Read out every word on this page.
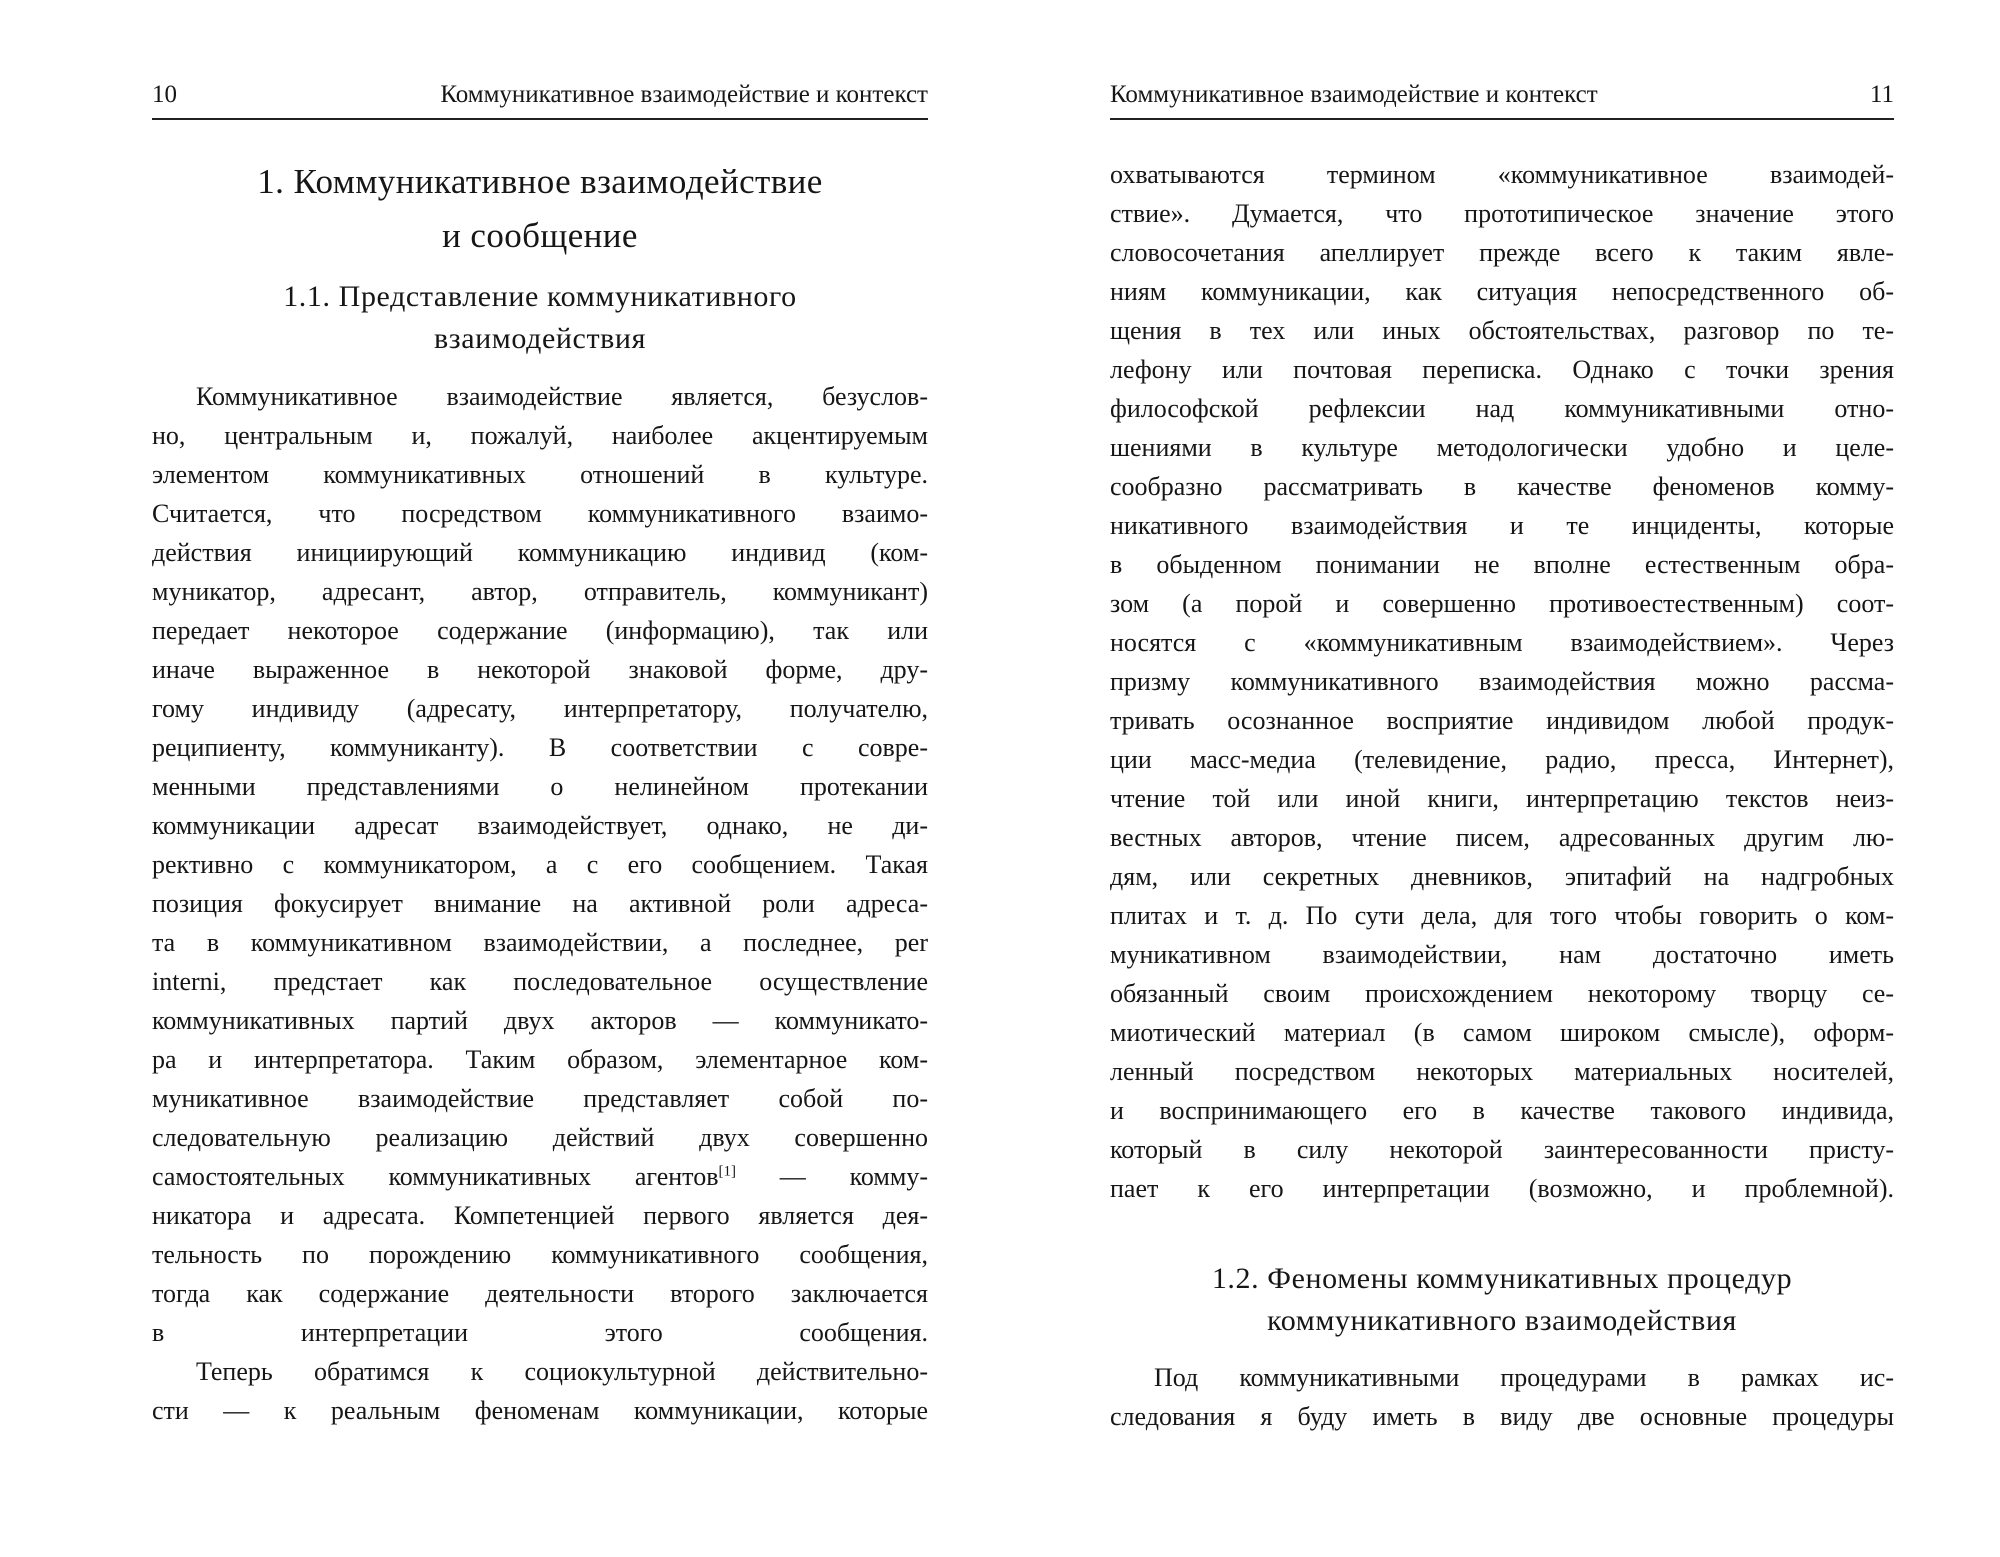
10	Коммуникативное взаимодействие и контекст
1. Коммуникативное взаимодействие
и сообщение
1.1. Представление коммуникативного
взаимодействия

Коммуникативное взаимодействие является, безуслов-
но, центральным и, пожалуй, наиболее акцентируемым
элементом коммуникативных отношений в культуре.
Считается, что посредством коммуникативного взаимо-
действия инициирующий коммуникацию индивид (ком-
муникатор, адресант, автор, отправитель, коммуникант)
передает некоторое содержание (информацию), так или
иначе выраженное в некоторой знаковой форме, дру-
гому индивиду (адресату, интерпретатору, получателю,
реципиенту, коммуниканту). В соответствии с совре-
менными представлениями о нелинейном протекании
коммуникации адресат взаимодействует, однако, не ди-
рективно с коммуникатором, а с его сообщением. Такая
позиция фокусирует внимание на активной роли адреса-
та в коммуникативном взаимодействии, а последнее, per
interni, предстает как последовательное осуществление
коммуникативных партий двух акторов — коммуникато-
ра и интерпретатора. Таким образом, элементарное ком-
муникативное взаимодействие представляет собой по-
следовательную реализацию действий двух совершенно
самостоятельных коммуникативных агентов[1] — комму-
никатора и адресата. Компетенцией первого является дея-
тельность по порождению коммуникативного сообщения,
тогда как содержание деятельности второго заключается
в интерпретации этого сообщения.

Теперь обратимся к социокультурной действительно-
сти — к реальным феноменам коммуникации, которые

Коммуникативное взаимодействие и контекст	11

охватываются термином «коммуникативное взаимодей-
ствие». Думается, что прототипическое значение этого
словосочетания апеллирует прежде всего к таким явле-
ниям коммуникации, как ситуация непосредственного об-
щения в тех или иных обстоятельствах, разговор по те-
лефону или почтовая переписка. Однако с точки зрения
философской рефлексии над коммуникативными отно-
шениями в культуре методологически удобно и целе-
сообразно рассматривать в качестве феноменов комму-
никативного взаимодействия и те инциденты, которые
в обыденном понимании не вполне естественным обра-
зом (а порой и совершенно противоестественным) соот-
носятся с «коммуникативным взаимодействием». Через
призму коммуникативного взаимодействия можно рассма-
тривать осознанное восприятие индивидом любой продук-
ции масс-медиа (телевидение, радио, пресса, Интернет),
чтение той или иной книги, интерпретацию текстов неиз-
вестных авторов, чтение писем, адресованных другим лю-
дям, или секретных дневников, эпитафий на надгробных
плитах и т. д. По сути дела, для того чтобы говорить о ком-
муникативном взаимодействии, нам достаточно иметь
обязанный своим происхождением некоторому творцу се-
миотический материал (в самом широком смысле), оформ-
ленный посредством некоторых материальных носителей,
и воспринимающего его в качестве такового индивида,
который в силу некоторой заинтересованности присту-
пает к его интерпретации (возможно, и проблемной).

1.2. Феномены коммуникативных процедур
коммуникативного взаимодействия

Под коммуникативными процедурами в рамках ис-
следования я буду иметь в виду две основные процедуры
